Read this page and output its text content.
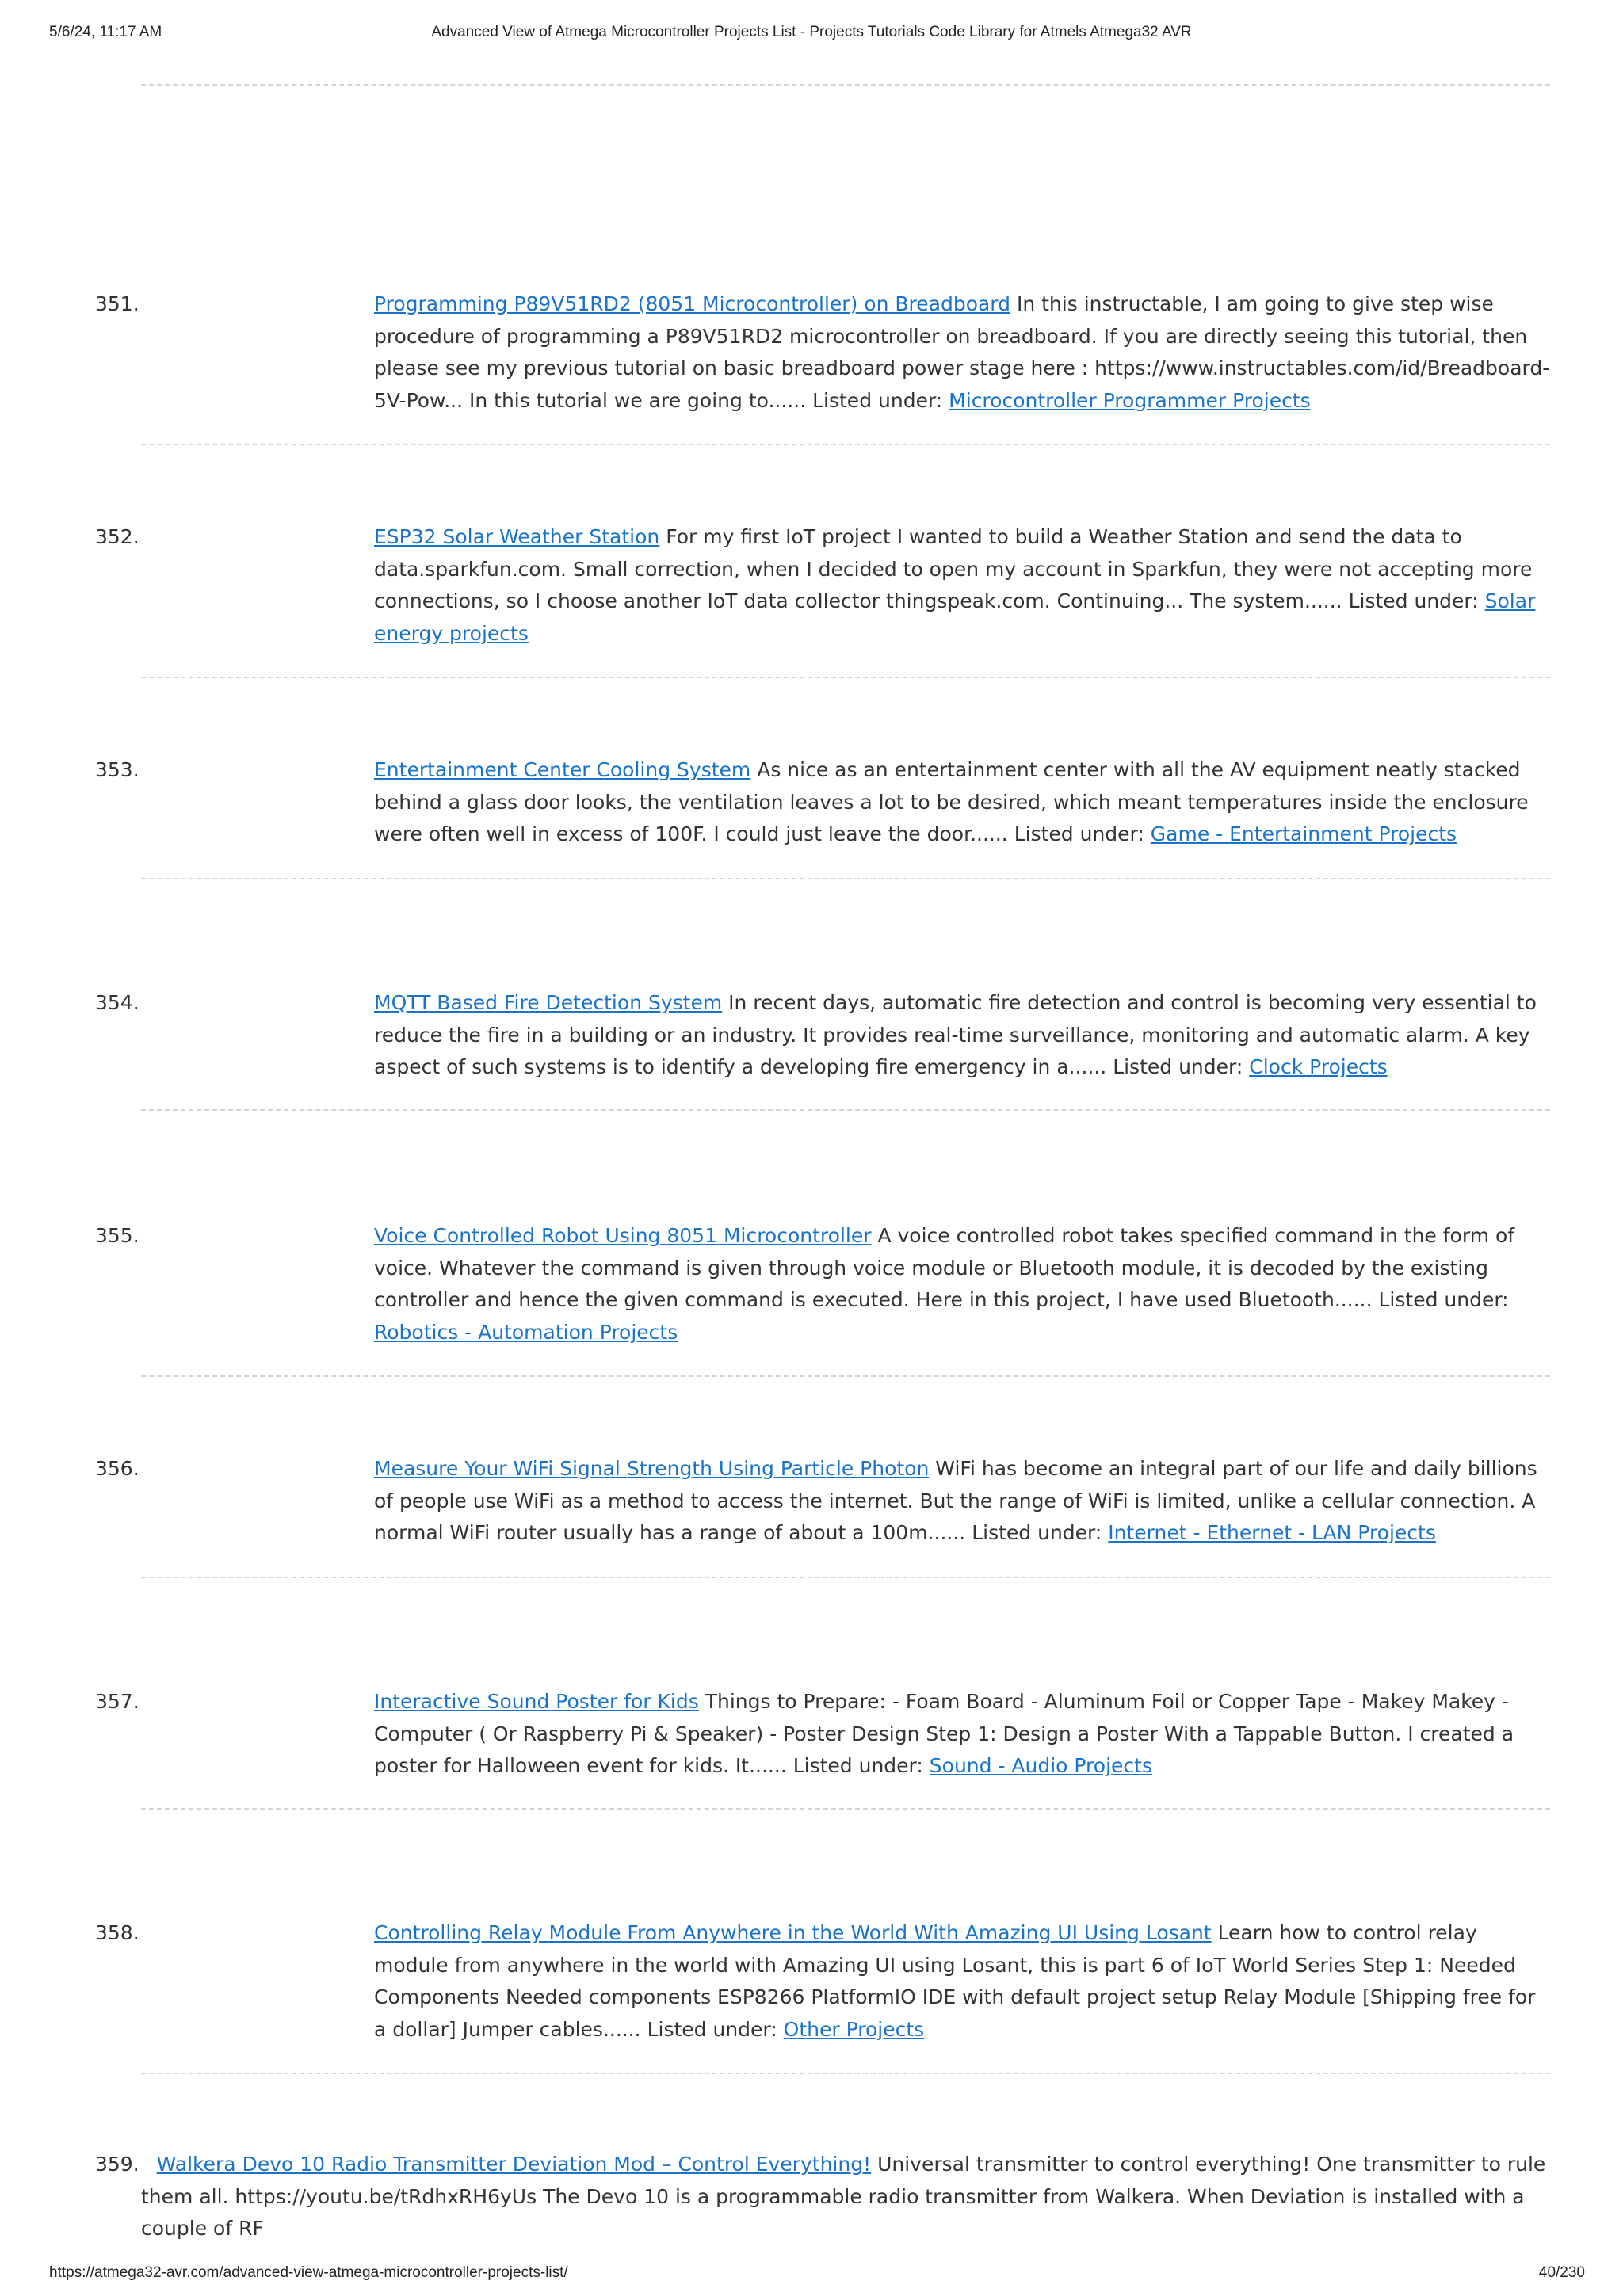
5/6/24, 11:17 AM	Advanced View of Atmega Microcontroller Projects List - Projects Tutorials Code Library for Atmels Atmega32 AVR
351.	Programming P89V51RD2 (8051 Microcontroller) on Breadboard In this instructable, I am going to give step wise procedure of programming a P89V51RD2 microcontroller on breadboard. If you are directly seeing this tutorial, then please see my previous tutorial on basic breadboard power stage here : https://www.instructables.com/id/Breadboard-5V-Pow... In this tutorial we are going to...... Listed under: Microcontroller Programmer Projects
352.	ESP32 Solar Weather Station For my first IoT project I wanted to build a Weather Station and send the data to data.sparkfun.com. Small correction, when I decided to open my account in Sparkfun, they were not accepting more connections, so I choose another IoT data collector thingspeak.com. Continuing... The system...... Listed under: Solar energy projects
353.	Entertainment Center Cooling System As nice as an entertainment center with all the AV equipment neatly stacked behind a glass door looks, the ventilation leaves a lot to be desired, which meant temperatures inside the enclosure were often well in excess of 100F. I could just leave the door...... Listed under: Game - Entertainment Projects
354.	MQTT Based Fire Detection System In recent days, automatic fire detection and control is becoming very essential to reduce the fire in a building or an industry. It provides real-time surveillance, monitoring and automatic alarm. A key aspect of such systems is to identify a developing fire emergency in a...... Listed under: Clock Projects
355.	Voice Controlled Robot Using 8051 Microcontroller A voice controlled robot takes specified command in the form of voice. Whatever the command is given through voice module or Bluetooth module, it is decoded by the existing controller and hence the given command is executed. Here in this project, I have used Bluetooth...... Listed under: Robotics - Automation Projects
356.	Measure Your WiFi Signal Strength Using Particle Photon WiFi has become an integral part of our life and daily billions of people use WiFi as a method to access the internet. But the range of WiFi is limited, unlike a cellular connection. A normal WiFi router usually has a range of about a 100m...... Listed under: Internet - Ethernet - LAN Projects
357.	Interactive Sound Poster for Kids Things to Prepare: - Foam Board - Aluminum Foil or Copper Tape - Makey Makey - Computer ( Or Raspberry Pi & Speaker) - Poster Design Step 1: Design a Poster With a Tappable Button. I created a poster for Halloween event for kids. It...... Listed under: Sound - Audio Projects
358.	Controlling Relay Module From Anywhere in the World With Amazing UI Using Losant Learn how to control relay module from anywhere in the world with Amazing UI using Losant, this is part 6 of IoT World Series Step 1: Needed Components Needed components ESP8266 PlatformIO IDE with default project setup Relay Module [Shipping free for a dollar] Jumper cables...... Listed under: Other Projects
359. Walkera Devo 10 Radio Transmitter Deviation Mod – Control Everything! Universal transmitter to control everything! One transmitter to rule them all. https://youtu.be/tRdhxRH6yUs The Devo 10 is a programmable radio transmitter from Walkera. When Deviation is installed with a couple of RF
https://atmega32-avr.com/advanced-view-atmega-microcontroller-projects-list/	40/230
